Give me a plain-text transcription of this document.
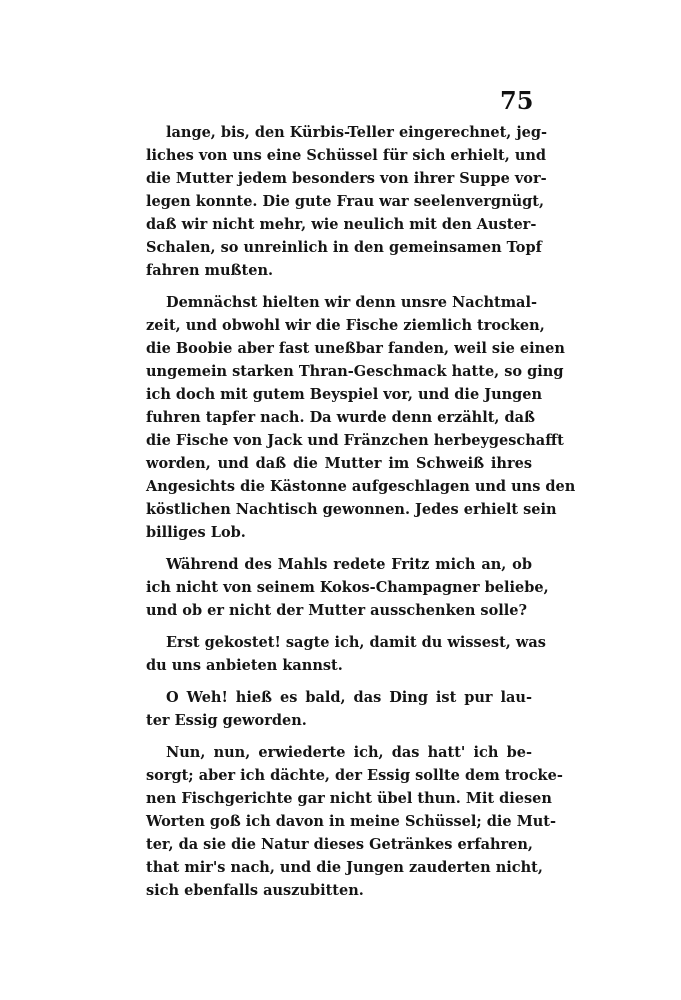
75
lange, bis, den Kürbis-Teller eingerechnet, jeg-
liches von uns eine Schüssel für sich erhielt, und
die Mutter jedem besonders von ihrer Suppe vor-
legen konnte. Die gute Frau war seelenvergnügt,
daß wir nicht mehr, wie neulich mit den Auster-
Schalen, so unreinlich in den gemeinsamen Topf
fahren mußten.
Demnächst hielten wir denn unsre Nachtmal-
zeit, und obwohl wir die Fische ziemlich trocken,
die Boobie aber fast uneßbar fanden, weil sie einen
ungemein starken Thran-Geschmack hatte, so ging
ich doch mit gutem Beyspiel vor, und die Jungen
fuhren tapfer nach. Da wurde denn erzählt, daß
die Fische von Jack und Fränzchen herbeygeschafft
worden, und daß die Mutter im Schweiß ihres
Angesichts die Kästonne aufgeschlagen und uns den
köstlichen Nachtisch gewonnen. Jedes erhielt sein
billiges Lob.
Während des Mahls redete Fritz mich an, ob
ich nicht von seinem Kokos-Champagner beliebe,
und ob er nicht der Mutter ausschenken solle?
Erst gekostet! sagte ich, damit du wissest, was
du uns anbieten kannst.
O Weh! hieß es bald, das Ding ist pur lau-
ter Essig geworden.
Nun, nun, erwiederte ich, das hatt' ich be-
sorgt; aber ich dächte, der Essig sollte dem trocke-
nen Fischgerichte gar nicht übel thun. Mit diesen
Worten goß ich davon in meine Schüssel; die Mut-
ter, da sie die Natur dieses Getränkes erfahren,
that mir's nach, und die Jungen zauderten nicht,
sich ebenfalls auszubitten.
